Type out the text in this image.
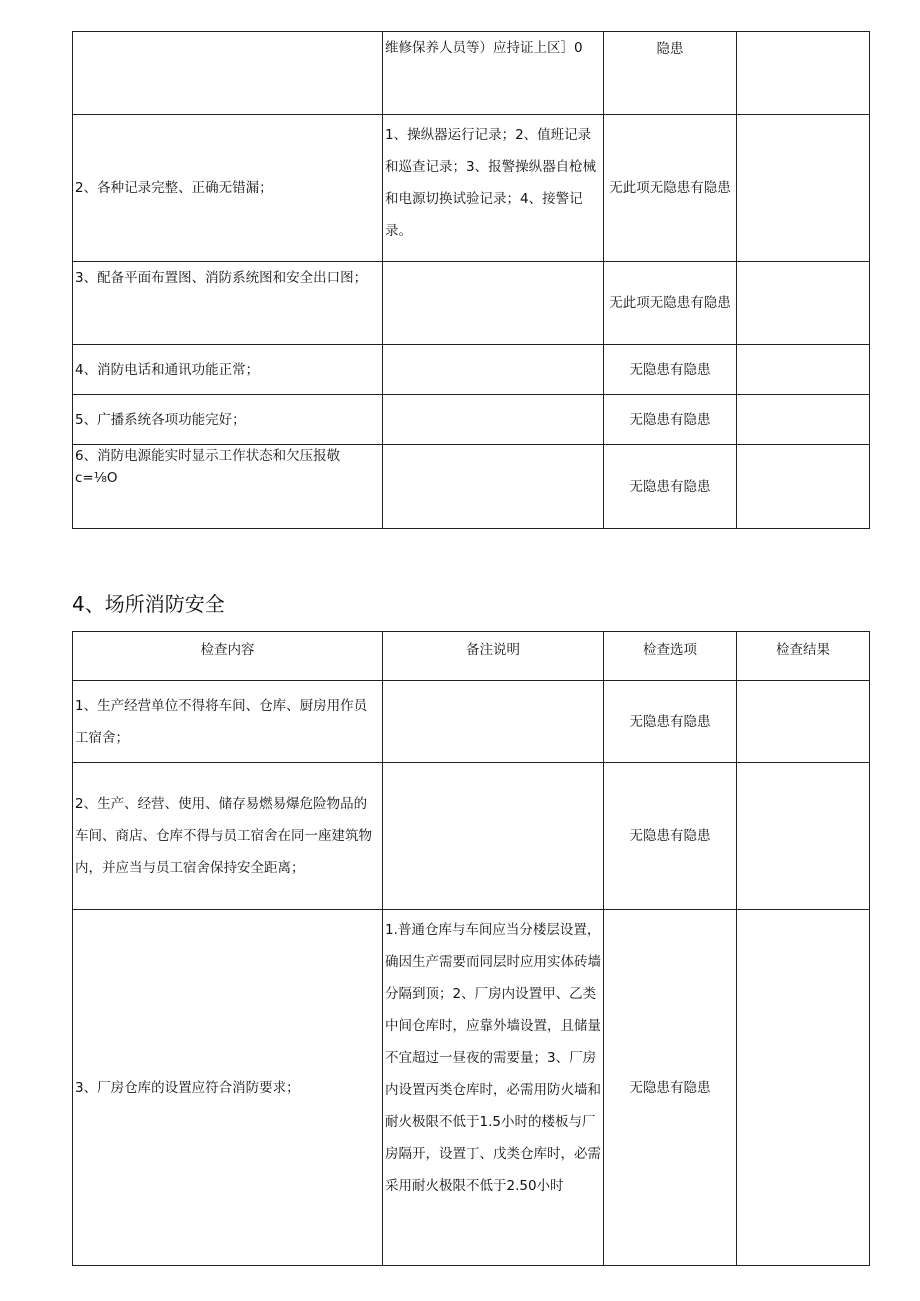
	维修保养人员等）应持证上区］0	隐患	
2、各种记录完整、正确无错漏；	1、操纵器运行记录；2、值班记录和巡查记录；3、报警操纵器自枪械和电源切换试验记录；4、接警记录。	无此项无隐患有隐患	
3、配备平面布置图、消防系统图和安全出口图；		无此项无隐患有隐患	
4、消防电话和通讯功能正常；		无隐患有隐患	
5、广播系统各项功能完好；		无隐患有隐患	
6、消防电源能实时显示工作状态和欠压报敬c=⅛O		无隐患有隐患	
4、场所消防安全
检查内容	备注说明	检查选项	检查结果
1、生产经营单位不得将车间、仓库、厨房用作员工宿舍；		无隐患有隐患	
2、生产、经营、使用、储存易燃易爆危险物品的车间、商店、仓库不得与员工宿舍在同一座建筑物内，并应当与员工宿舍保持安全距离；		无隐患有隐患	
3、厂房仓库的设置应符合消防要求；	1.普通仓库与车间应当分楼层设置，确因生产需要而同层时应用实体砖墙分隔到顶；2、厂房内设置甲、乙类中间仓库时，应靠外墙设置，且储量不宜超过一昼夜的需要量；3、厂房内设置丙类仓库时，必需用防火墙和耐火极限不低于1.5小时的楼板与厂房隔开，设置丁、戊类仓库时，必需采用耐火极限不低于2.50小时	无隐患有隐患	
